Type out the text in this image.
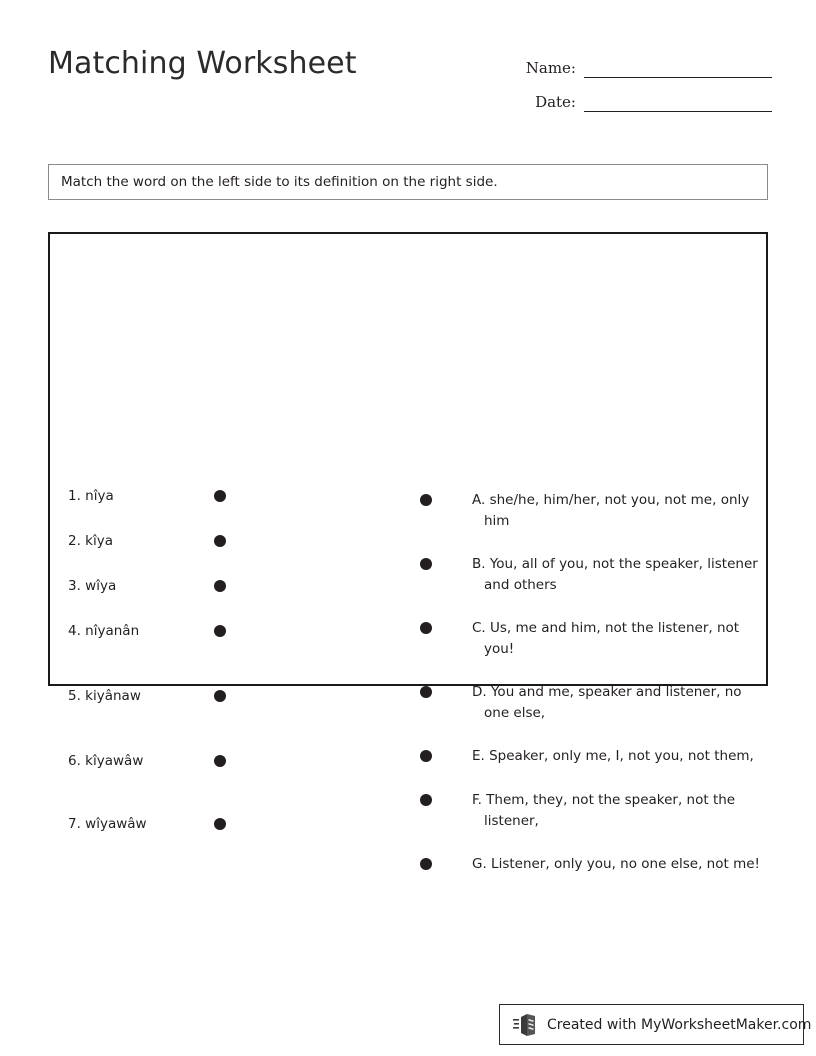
Matching Worksheet	Name:
Date:
Match the word on the left side to its definition on the right side.
1. nîya
2. kîya
3. wîya
4. nîyanân
5. kiyânaw
6. kîyawâw
7. wîyawâw
A. she/he, him/her, not you, not me, only him
B. You, all of you, not the speaker, listener and others
C. Us, me and him, not the listener, not you!
D. You and me, speaker and listener, no one else,
E. Speaker, only me, I, not you, not them,
F. Them, they, not the speaker, not the listener,
G. Listener, only you, no one else, not me!
Created with MyWorksheetMaker.com
